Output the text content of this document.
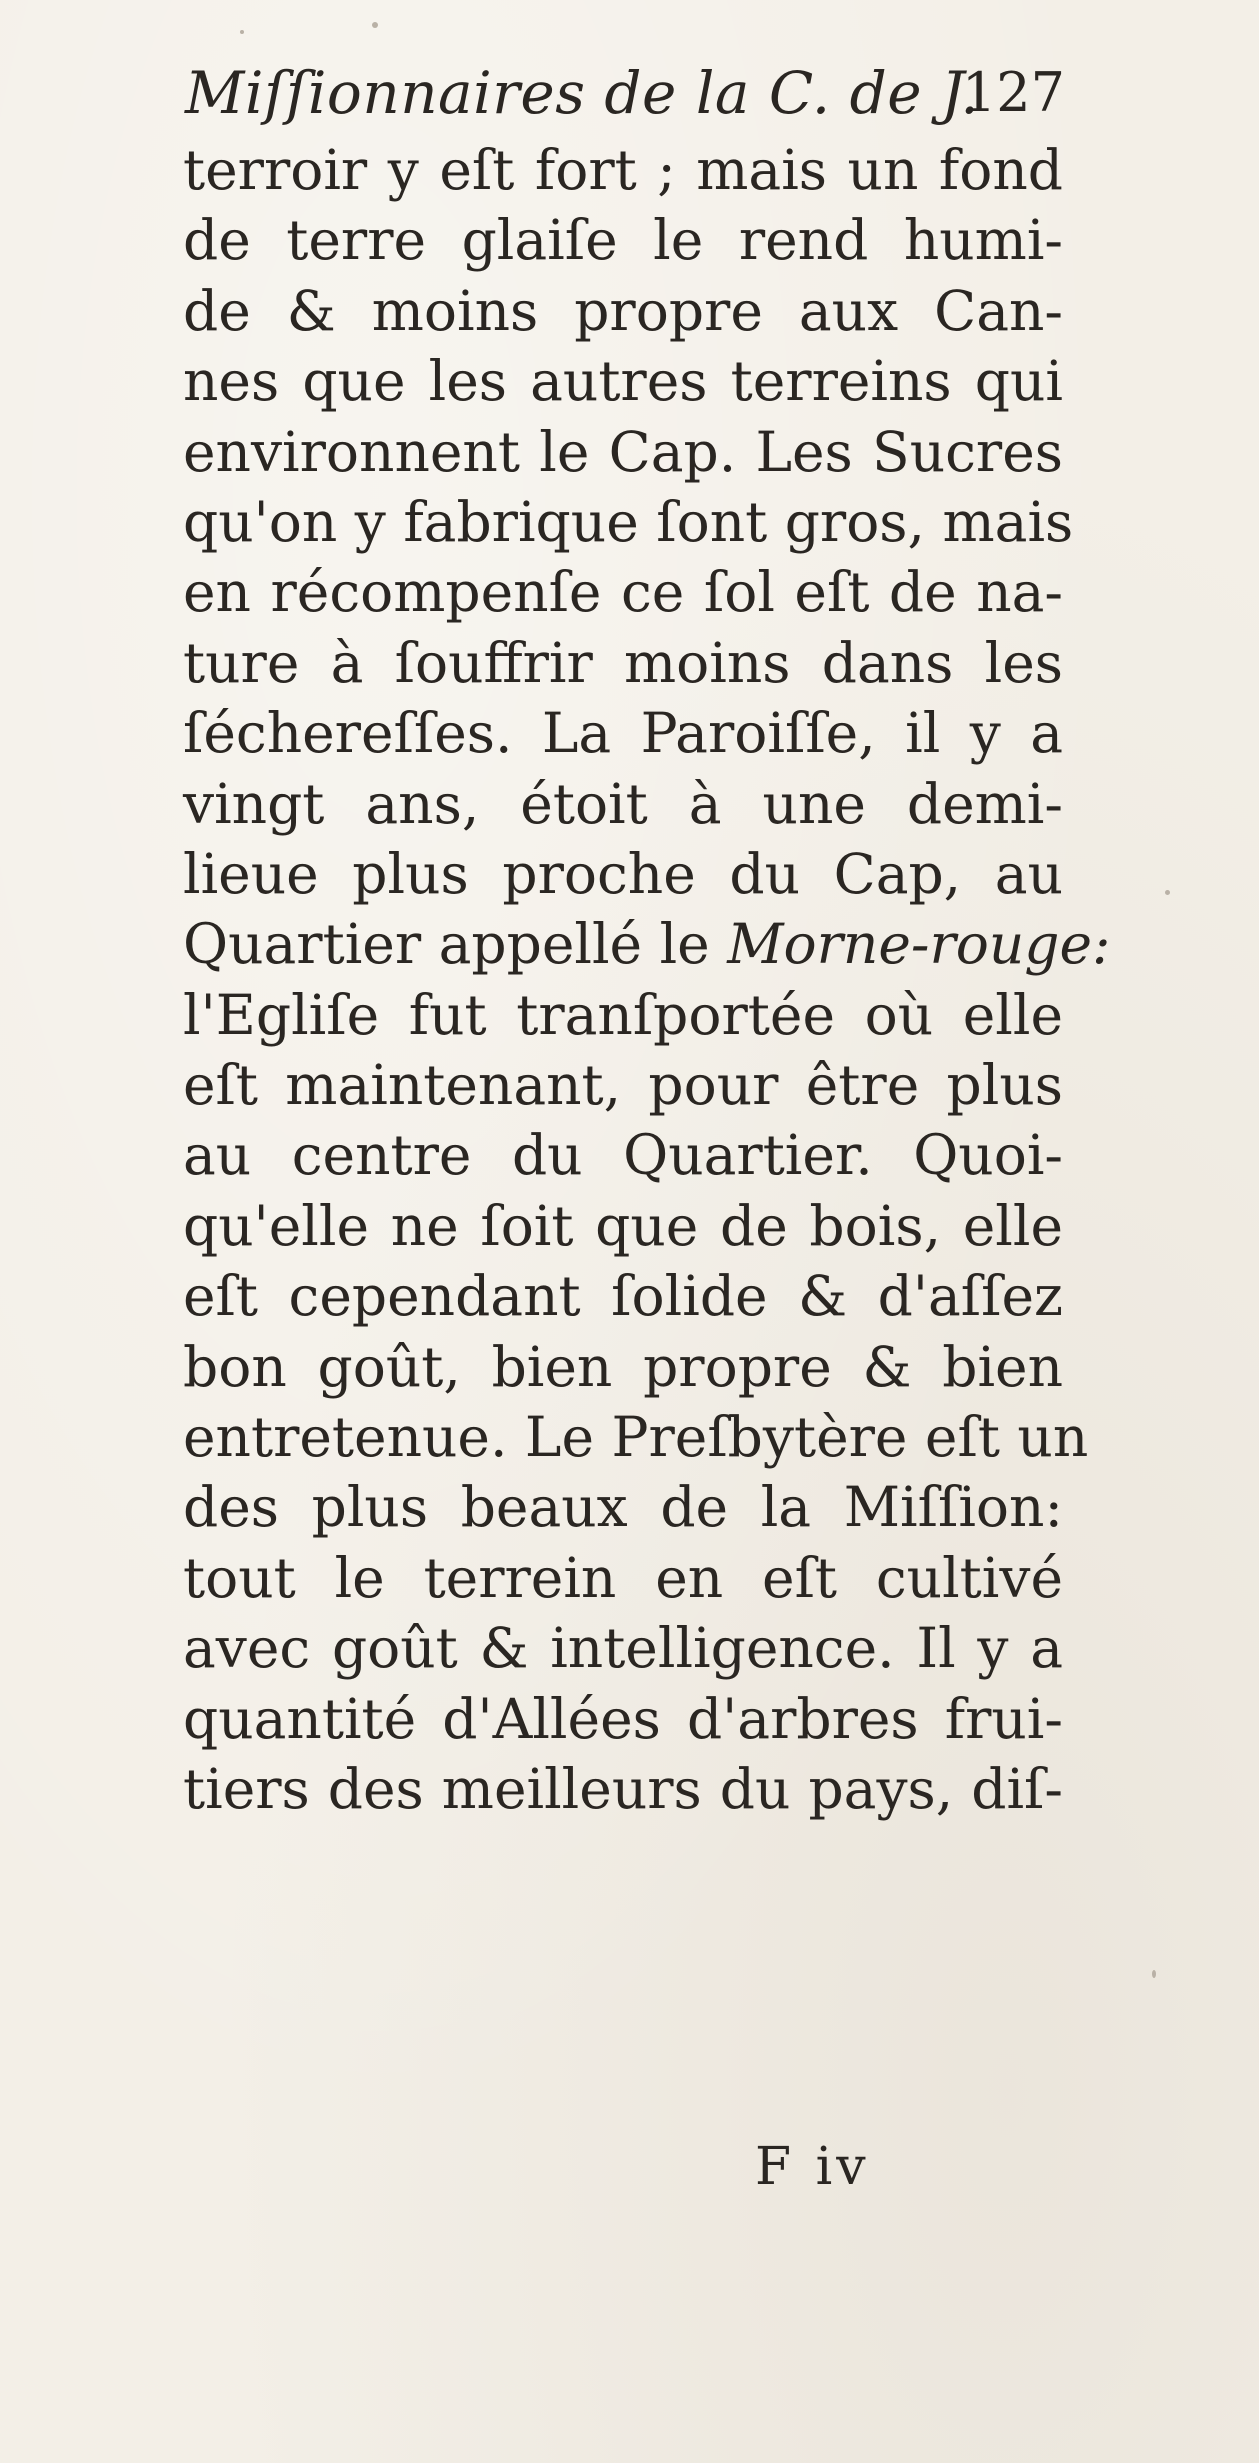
Miſſionnaires de la C. de J.
127
terroir y eſt fort ; mais un fond
de terre glaiſe le rend humi-
de & moins propre aux Can-
nes que les autres terreins qui
environnent le Cap. Les Sucres
qu'on y fabrique ſont gros, mais
en récompenſe ce ſol eſt de na-
ture à ſouffrir moins dans les
ſéchereſſes. La Paroiſſe, il y a
vingt ans, étoit à une demi-
lieue plus proche du Cap, au
Quartier appellé le Morne-rouge:
l'Egliſe fut tranſportée où elle
eſt maintenant, pour être plus
au centre du Quartier. Quoi-
qu'elle ne ſoit que de bois, elle
eſt cependant ſolide & d'aſſez
bon goût, bien propre & bien
entretenue. Le Preſbytère eſt un
des plus beaux de la Miſſion:
tout le terrein en eſt cultivé
avec goût & intelligence. Il y a
quantité d'Allées d'arbres frui-
tiers des meilleurs du pays, diſ-
F iv
